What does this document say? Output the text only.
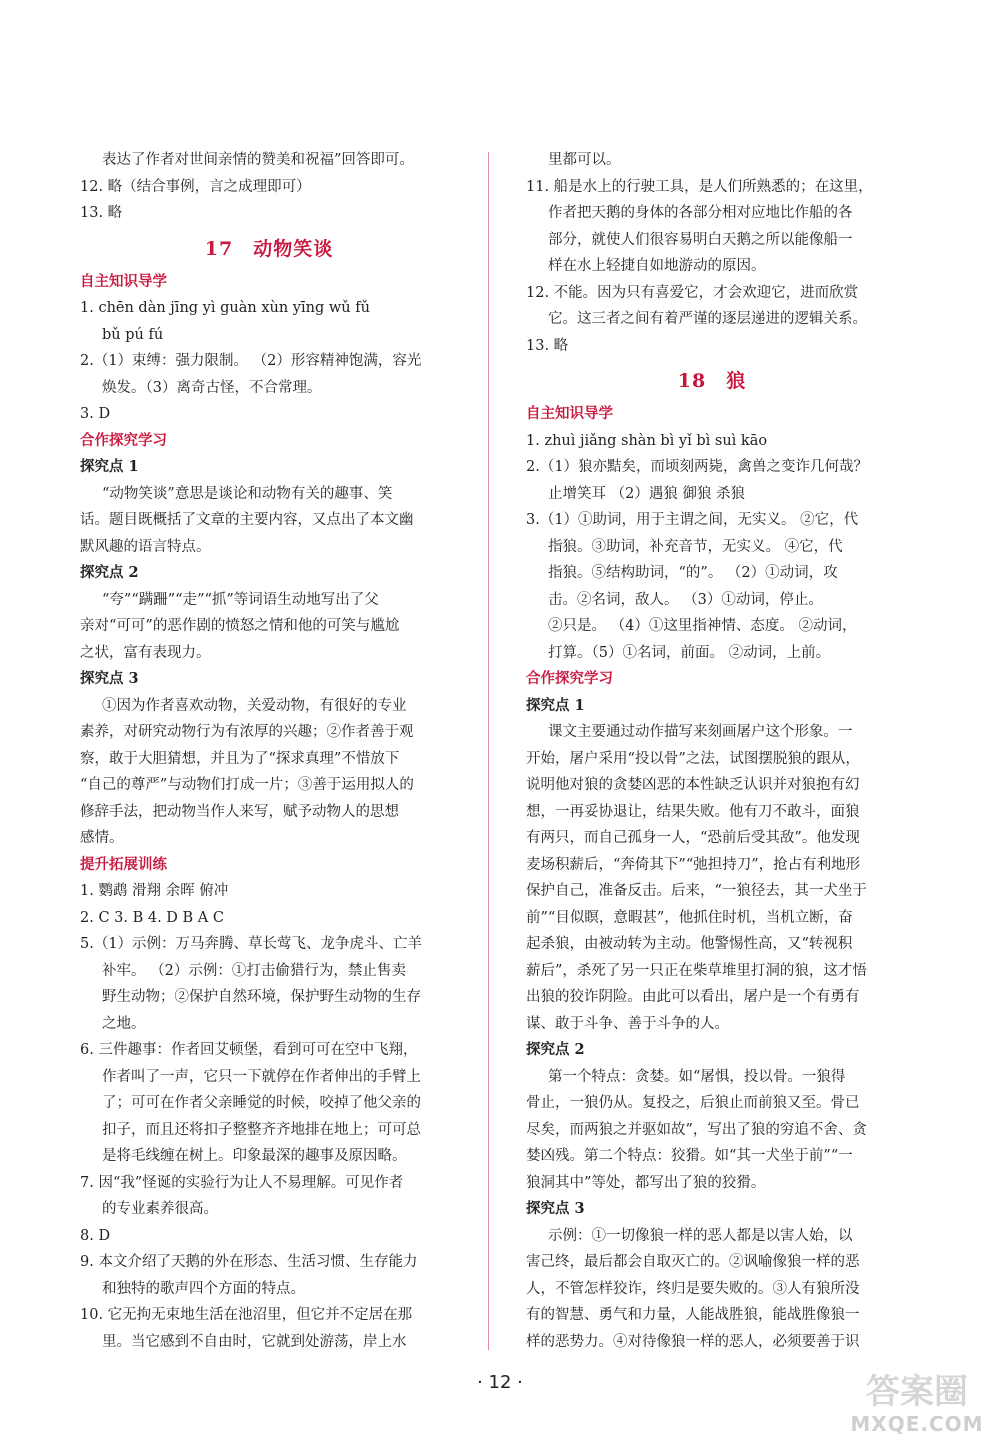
表达了作者对世间亲情的赞美和祝福”回答即可。
12. 略（结合事例，言之成理即可）
13. 略
17　动物笑谈
自主知识导学
1. chēn dàn jīng yì guàn xùn yīng wǔ fǔ
bǔ pú fú
2.（1）束缚：强力限制。 （2）形容精神饱满，容光
焕发。（3）离奇古怪，不合常理。
3. D
合作探究学习
探究点 1
“动物笑谈”意思是谈论和动物有关的趣事、笑
话。题目既概括了文章的主要内容，又点出了本文幽
默风趣的语言特点。
探究点 2
“夸”“蹒跚”“走”“抓”等词语生动地写出了父
亲对“可可”的恶作剧的愤怒之情和他的可笑与尴尬
之状，富有表现力。
探究点 3
①因为作者喜欢动物，关爱动物，有很好的专业
素养，对研究动物行为有浓厚的兴趣；②作者善于观
察，敢于大胆猜想，并且为了“探求真理”不惜放下
“自己的尊严”与动物们打成一片；③善于运用拟人的
修辞手法，把动物当作人来写，赋予动物人的思想
感情。
提升拓展训练
1. 鹦鹉 滑翔 余晖 俯冲
2. C 3. B 4. D B A C
5.（1）示例：万马奔腾、草长莺飞、龙争虎斗、亡羊
补牢。 （2）示例：①打击偷猎行为，禁止售卖
野生动物；②保护自然环境，保护野生动物的生存
之地。
6. 三件趣事：作者回艾顿堡，看到可可在空中飞翔，
作者叫了一声，它只一下就停在作者伸出的手臂上
了；可可在作者父亲睡觉的时候，咬掉了他父亲的
扣子，而且还将扣子整整齐齐地排在地上；可可总
是将毛线缠在树上。印象最深的趣事及原因略。
7. 因“我”怪诞的实验行为让人不易理解。可见作者
的专业素养很高。
8. D
9. 本文介绍了天鹅的外在形态、生活习惯、生存能力
和独特的歌声四个方面的特点。
10. 它无拘无束地生活在池沼里，但它并不定居在那
里。当它感到不自由时，它就到处游荡，岸上水
里都可以。
11. 船是水上的行驶工具，是人们所熟悉的；在这里，
作者把天鹅的身体的各部分相对应地比作船的各
部分，就使人们很容易明白天鹅之所以能像船一
样在水上轻捷自如地游动的原因。
12. 不能。因为只有喜爱它，才会欢迎它，进而欣赏
它。这三者之间有着严谨的逐层递进的逻辑关系。
13. 略
18　狼
自主知识导学
1. zhuì jiǎng shàn bì yǐ bì suì kāo
2.（1）狼亦黠矣，而顷刻两毙，禽兽之变诈几何哉？
止增笑耳 （2）遇狼 御狼 杀狼
3.（1）①助词，用于主谓之间，无实义。 ②它，代
指狼。③助词，补充音节，无实义。 ④它，代
指狼。⑤结构助词，“的”。 （2）①动词，攻
击。②名词，敌人。 （3）①动词，停止。
②只是。 （4）①这里指神情、态度。 ②动词，
打算。（5）①名词，前面。 ②动词，上前。
合作探究学习
探究点 1
课文主要通过动作描写来刻画屠户这个形象。一
开始，屠户采用“投以骨”之法，试图摆脱狼的跟从，
说明他对狼的贪婪凶恶的本性缺乏认识并对狼抱有幻
想，一再妥协退让，结果失败。他有刀不敢斗，面狼
有两只，而自己孤身一人，“恐前后受其敌”。他发现
麦场积薪后，“奔倚其下”“弛担持刀”，抢占有利地形
保护自己，准备反击。后来，“一狼径去，其一犬坐于
前”“目似瞑，意暇甚”，他抓住时机，当机立断，奋
起杀狼，由被动转为主动。他警惕性高，又“转视积
薪后”，杀死了另一只正在柴草堆里打洞的狼，这才悟
出狼的狡诈阴险。由此可以看出，屠户是一个有勇有
谋、敢于斗争、善于斗争的人。
探究点 2
第一个特点：贪婪。如“屠惧，投以骨。一狼得
骨止，一狼仍从。复投之，后狼止而前狼又至。骨已
尽矣，而两狼之并驱如故”，写出了狼的穷追不舍、贪
婪凶残。第二个特点：狡猾。如“其一犬坐于前”“一
狼洞其中”等处，都写出了狼的狡猾。
探究点 3
示例：①一切像狼一样的恶人都是以害人始，以
害己终，最后都会自取灭亡的。②讽喻像狼一样的恶
人，不管怎样狡诈，终归是要失败的。③人有狼所没
有的智慧、勇气和力量，人能战胜狼，能战胜像狼一
样的恶势力。④对待像狼一样的恶人，必须要善于识
· 12 ·	答案圈
MXQE.COM
